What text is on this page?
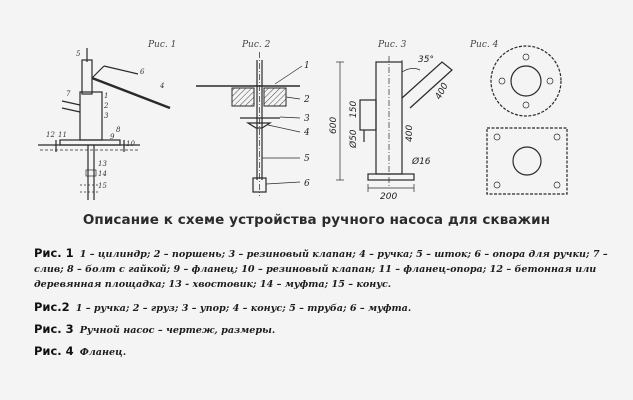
Рис. 1
5
6
4
7	1
2
3
8
9
10
12 11
13
14
15
Рис. 2
1
2
3
4
5
6
Рис. 3
35°
400
600
150
Ø50	400
Ø16
200
Рис. 4
Описание к схеме устройства ручного насоса для скважин
Рис. 1 1 – цилиндр; 2 – поршень; 3 – резиновый клапан; 4 – ручка; 5 – шток; 6 – опора для ручки; 7 – слив; 8 – болт с гайкой; 9 – фланец; 10 – резиновый клапан; 11 – фланец-опора; 12 – бетонная или деревянная площадка; 13 - хвостовик; 14 – муфта; 15 – конус.
Рис.2 1 – ручка; 2 – груз; 3 – упор; 4 – конус; 5 – труба; 6 – муфта.
Рис. 3 Ручной насос – чертеж, размеры.
Рис. 4 Фланец.
